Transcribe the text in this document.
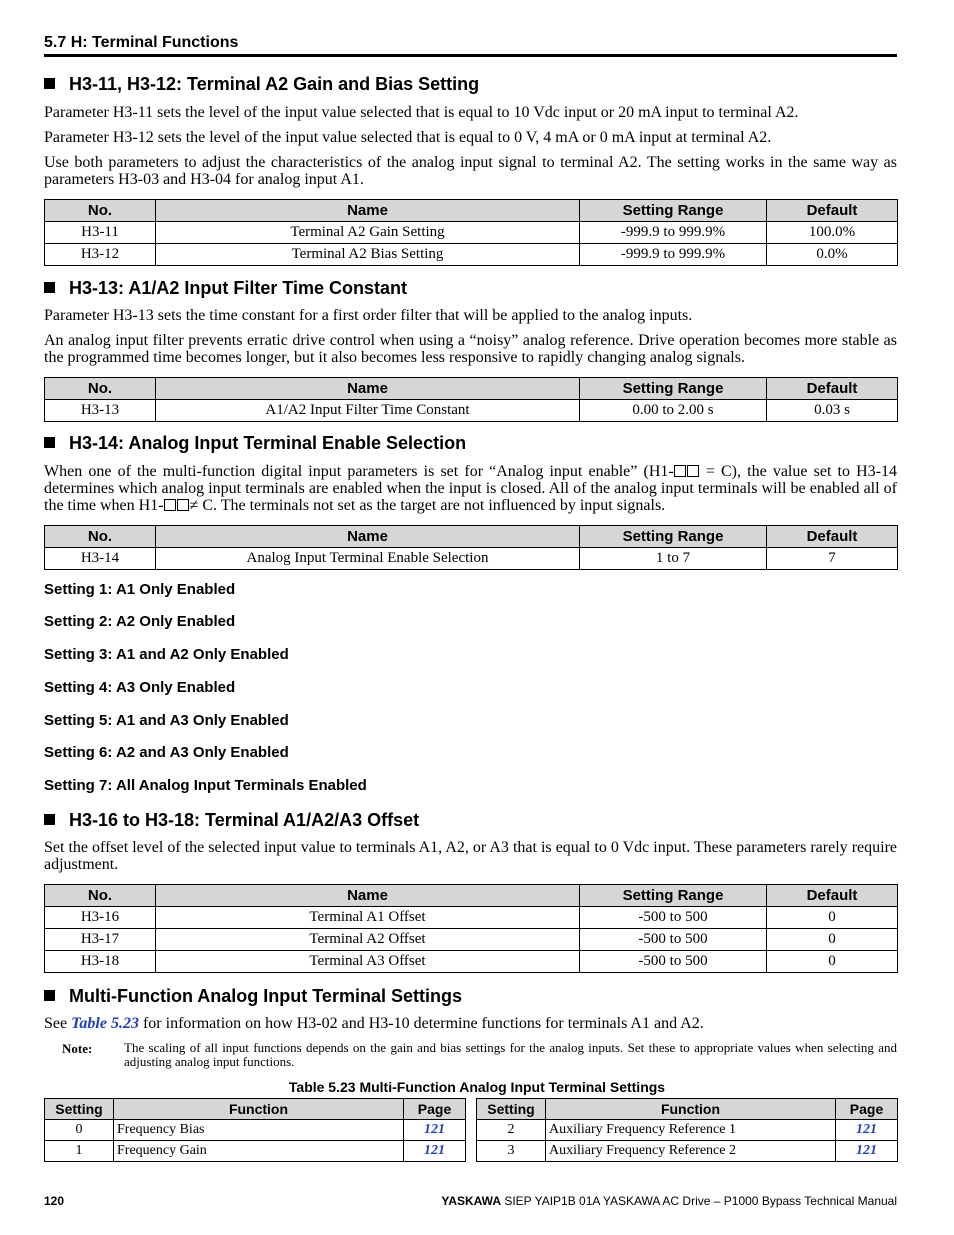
5.7 H: Terminal Functions
H3-11, H3-12: Terminal A2 Gain and Bias Setting
Parameter H3-11 sets the level of the input value selected that is equal to 10 Vdc input or 20 mA input to terminal A2.
Parameter H3-12 sets the level of the input value selected that is equal to 0 V, 4 mA or 0 mA input at terminal A2.
Use both parameters to adjust the characteristics of the analog input signal to terminal A2. The setting works in the same way as parameters H3-03 and H3-04 for analog input A1.
No.	Name	Setting Range	Default
H3-11	Terminal A2 Gain Setting	-999.9 to 999.9%	100.0%
H3-12	Terminal A2 Bias Setting	-999.9 to 999.9%	0.0%
H3-13: A1/A2 Input Filter Time Constant
Parameter H3-13 sets the time constant for a first order filter that will be applied to the analog inputs.
An analog input filter prevents erratic drive control when using a “noisy” analog reference. Drive operation becomes more stable as the programmed time becomes longer, but it also becomes less responsive to rapidly changing analog signals.
No.	Name	Setting Range	Default
H3-13	A1/A2 Input Filter Time Constant	0.00 to 2.00 s	0.03 s
H3-14: Analog Input Terminal Enable Selection
When one of the multi-function digital input parameters is set for “Analog input enable” (H1- = C), the value set to H3-14 determines which analog input terminals are enabled when the input is closed. All of the analog input terminals will be enabled all of the time when H1- ≠ C. The terminals not set as the target are not influenced by input signals.
No.	Name	Setting Range	Default
H3-14	Analog Input Terminal Enable Selection	1 to 7	7
Setting 1: A1 Only Enabled
Setting 2: A2 Only Enabled
Setting 3: A1 and A2 Only Enabled
Setting 4: A3 Only Enabled
Setting 5: A1 and A3 Only Enabled
Setting 6: A2 and A3 Only Enabled
Setting 7: All Analog Input Terminals Enabled
H3-16 to H3-18: Terminal A1/A2/A3 Offset
Set the offset level of the selected input value to terminals A1, A2, or A3 that is equal to 0 Vdc input. These parameters rarely require adjustment.
No.	Name	Setting Range	Default
H3-16	Terminal A1 Offset	-500 to 500	0
H3-17	Terminal A2 Offset	-500 to 500	0
H3-18	Terminal A3 Offset	-500 to 500	0
Multi-Function Analog Input Terminal Settings
See Table 5.23 for information on how H3-02 and H3-10 determine functions for terminals A1 and A2.
Note: The scaling of all input functions depends on the gain and bias settings for the analog inputs. Set these to appropriate values when selecting and adjusting analog input functions.
Table 5.23 Multi-Function Analog Input Terminal Settings
Setting	Function	Page
0	Frequency Bias	121
1	Frequency Gain	121
Setting	Function	Page
2	Auxiliary Frequency Reference 1	121
3	Auxiliary Frequency Reference 2	121
120	YASKAWA SIEP YAIP1B 01A YASKAWA AC Drive – P1000 Bypass Technical Manual
